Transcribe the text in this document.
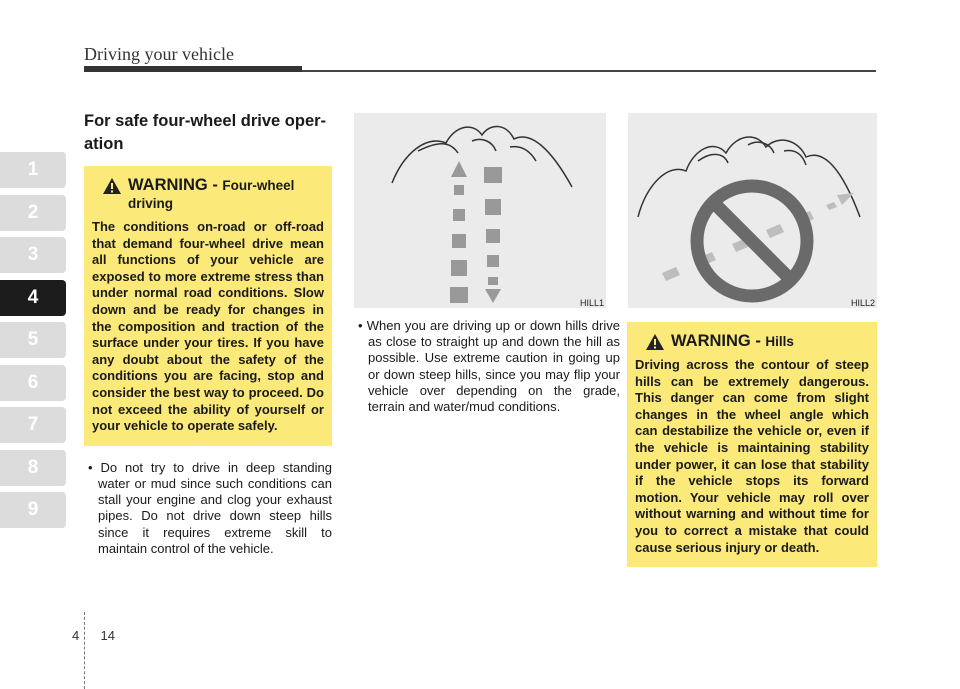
Driving your vehicle
1
2
3
4
5
6
7
8
9
For safe four-wheel drive oper-ation
WARNING - Four-wheel driving
The conditions on-road or off-road that demand four-wheel drive mean all functions of your vehicle are exposed to more extreme stress than under normal road conditions. Slow down and be ready for changes in the composition and traction of the surface under your tires. If you have any doubt about the safety of the conditions you are facing, stop and consider the best way to proceed. Do not exceed the ability of yourself or your vehicle to operate safely.
• Do not try to drive in deep standing water or mud since such conditions can stall your engine and clog your exhaust pipes. Do not drive down steep hills since it requires extreme skill to maintain control of the vehicle.
HILL1	HILL2
• When you are driving up or down hills drive as close to straight up and down the hill as possible. Use extreme caution in going up or down steep hills, since you may flip your vehicle over depending on the grade, terrain and water/mud conditions.
WARNING - Hills
Driving across the contour of steep hills can be extremely dangerous. This danger can come from slight changes in the wheel angle which can destabilize the vehicle or, even if the vehicle is maintaining stability under power, it can lose that stability if the vehicle stops its forward motion. Your vehicle may roll over without warning and without time for you to correct a mistake that could cause serious injury or death.
4 14
